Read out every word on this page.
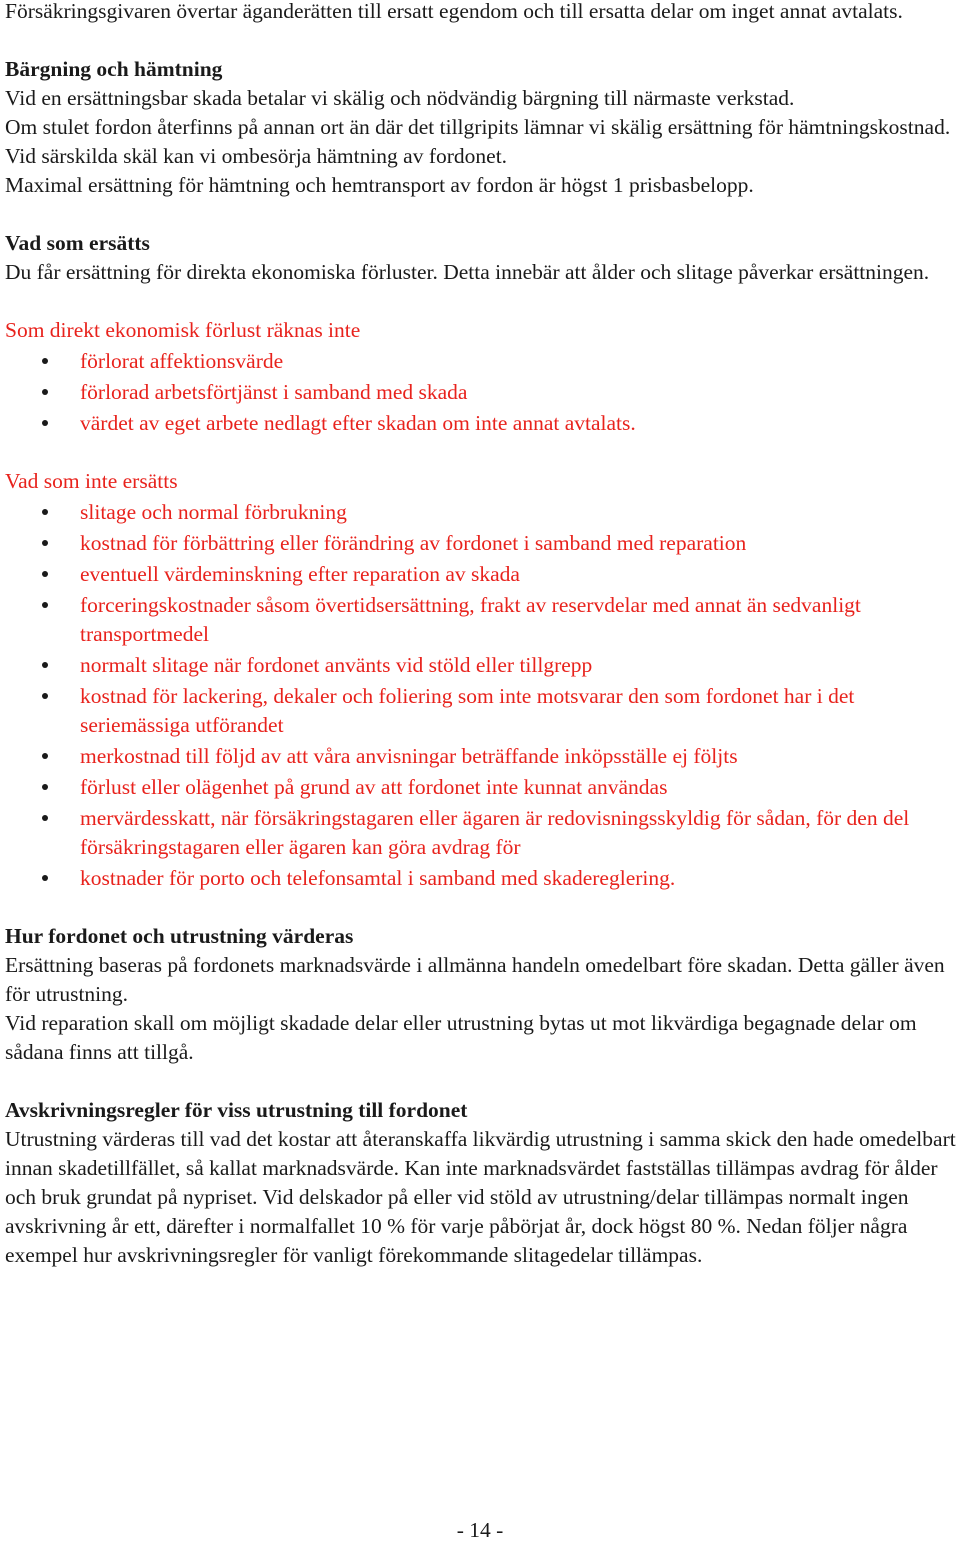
Försäkringsgivaren övertar äganderätten till ersatt egendom och till ersatta delar om inget annat avtalats.

Bärgning och hämtning

Vid en ersättningsbar skada betalar vi skälig och nödvändig bärgning till närmaste verkstad.

Om stulet fordon återfinns på annan ort än där det tillgripits lämnar vi skälig ersättning för hämtningskostnad. Vid särskilda skäl kan vi ombesörja hämtning av fordonet.

Maximal ersättning för hämtning och hemtransport av fordon är högst 1 prisbasbelopp.

Vad som ersätts

Du får ersättning för direkta ekonomiska förluster. Detta innebär att ålder och slitage påverkar ersättningen.

Som direkt ekonomisk förlust räknas inte

förlorat affektionsvärde
förlorad arbetsförtjänst i samband med skada
värdet av eget arbete nedlagt efter skadan om inte annat avtalats.

Vad som inte ersätts

slitage och normal förbrukning
kostnad för förbättring eller förändring av fordonet i samband med reparation
eventuell värdeminskning efter reparation av skada
forceringskostnader såsom övertidsersättning, frakt av reservdelar med annat än sedvanligt transportmedel
normalt slitage när fordonet använts vid stöld eller tillgrepp
kostnad för lackering, dekaler och foliering som inte motsvarar den som fordonet har i det seriemässiga utförandet
merkostnad till följd av att våra anvisningar beträffande inköpsställe ej följts
förlust eller olägenhet på grund av att fordonet inte kunnat användas
mervärdesskatt, när försäkringstagaren eller ägaren är redovisningsskyldig för sådan, för den del försäkringstagaren eller ägaren kan göra avdrag för
kostnader för porto och telefonsamtal i samband med skadereglering.

Hur fordonet och utrustning värderas

Ersättning baseras på fordonets marknadsvärde i allmänna handeln omedelbart före skadan. Detta gäller även för utrustning.

Vid reparation skall om möjligt skadade delar eller utrustning bytas ut mot likvärdiga begagnade delar om sådana finns att tillgå.

Avskrivningsregler för viss utrustning till fordonet

Utrustning värderas till vad det kostar att återanskaffa likvärdig utrustning i samma skick den hade omedelbart innan skadetillfället, så kallat marknadsvärde. Kan inte marknadsvärdet fastställas tillämpas avdrag för ålder och bruk grundat på nypriset. Vid delskador på eller vid stöld av utrustning/delar tillämpas normalt ingen avskrivning år ett, därefter i normalfallet 10 % för varje påbörjat år, dock högst 80 %. Nedan följer några exempel hur avskrivningsregler för vanligt förekommande slitagedelar tillämpas.

- 14 -
